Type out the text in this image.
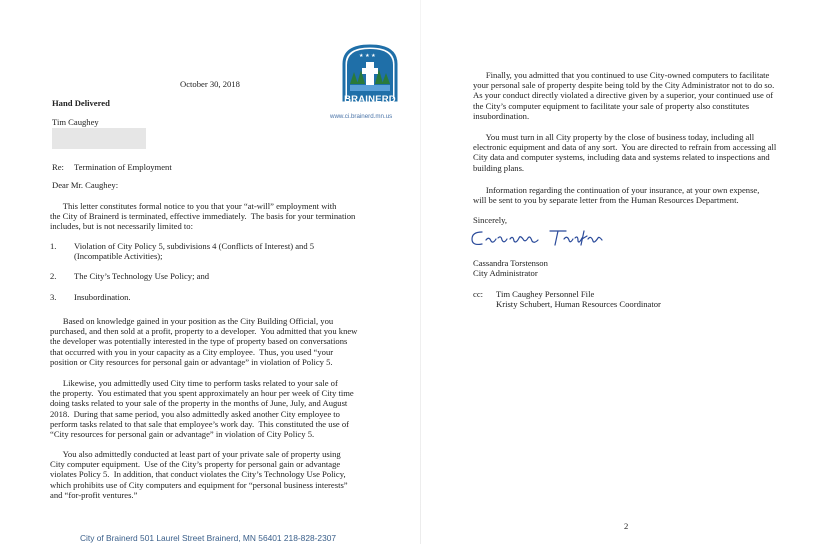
★ ★ ★
BRAINERD
www.ci.brainerd.mn.us
October 30, 2018
Hand Delivered
Tim Caughey
Re: Termination of Employment
Dear Mr. Caughey:
This letter constitutes formal notice to you that your “at-will” employment with
the City of Brainerd is terminated, effective immediately.  The basis for your termination
includes, but is not necessarily limited to:
1. Violation of City Policy 5, subdivisions 4 (Conflicts of Interest) and 5
(Incompatible Activities);
2. The City’s Technology Use Policy; and
3. Insubordination.
Based on knowledge gained in your position as the City Building Official, you
purchased, and then sold at a profit, property to a developer.  You admitted that you knew
the developer was potentially interested in the type of property based on conversations
that occurred with you in your capacity as a City employee.  Thus, you used “your
position or City resources for personal gain or advantage” in violation of Policy 5.
Likewise, you admittedly used City time to perform tasks related to your sale of
the property.  You estimated that you spent approximately an hour per week of City time
doing tasks related to your sale of the property in the months of June, July, and August
2018.  During that same period, you also admittedly asked another City employee to
perform tasks related to that sale that employee’s work day.  This constituted the use of
“City resources for personal gain or advantage” in violation of City Policy 5.
You also admittedly conducted at least part of your private sale of property using
City computer equipment.  Use of the City’s property for personal gain or advantage
violates Policy 5.  In addition, that conduct violates the City’s Technology Use Policy,
which prohibits use of City computers and equipment for “personal business interests”
and “for-profit ventures.”
City of Brainerd 501 Laurel Street Brainerd, MN 56401 218-828-2307
Finally, you admitted that you continued to use City-owned computers to facilitate
your personal sale of property despite being told by the City Administrator not to do so.
As your conduct directly violated a directive given by a superior, your continued use of
the City’s computer equipment to facilitate your sale of property also constitutes
insubordination.
You must turn in all City property by the close of business today, including all
electronic equipment and data of any sort.  You are directed to refrain from accessing all
City data and computer systems, including data and systems related to inspections and
building plans.
Information regarding the continuation of your insurance, at your own expense,
will be sent to you by separate letter from the Human Resources Department.
Sincerely,
Cassandra Torstenson
City Administrator
cc: Tim Caughey Personnel File
Kristy Schubert, Human Resources Coordinator
2
